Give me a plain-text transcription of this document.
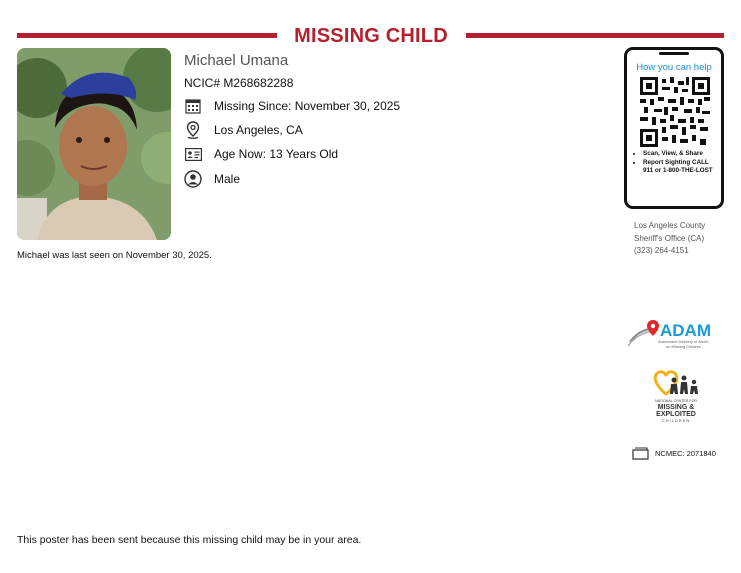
MISSING CHILD
Michael Umana
NCIC# M268682288
Missing Since: November 30, 2025
Los Angeles, CA
Age Now: 13 Years Old
Male
Michael was last seen on November 30, 2025.
How you can help
• Scan, View, & Share
• Report Sighting CALL 911 or 1-800-THE-LOST
Los Angeles County
Sheriff's Office (CA)
(323) 264-4151
ADAM
Automated Delivery of Alerts
on Missing Children
NATIONAL CENTER FOR
MISSING &
EXPLOITED
CHILDREN
NCMEC: 2071840
This poster has been sent because this missing child may be in your area.
